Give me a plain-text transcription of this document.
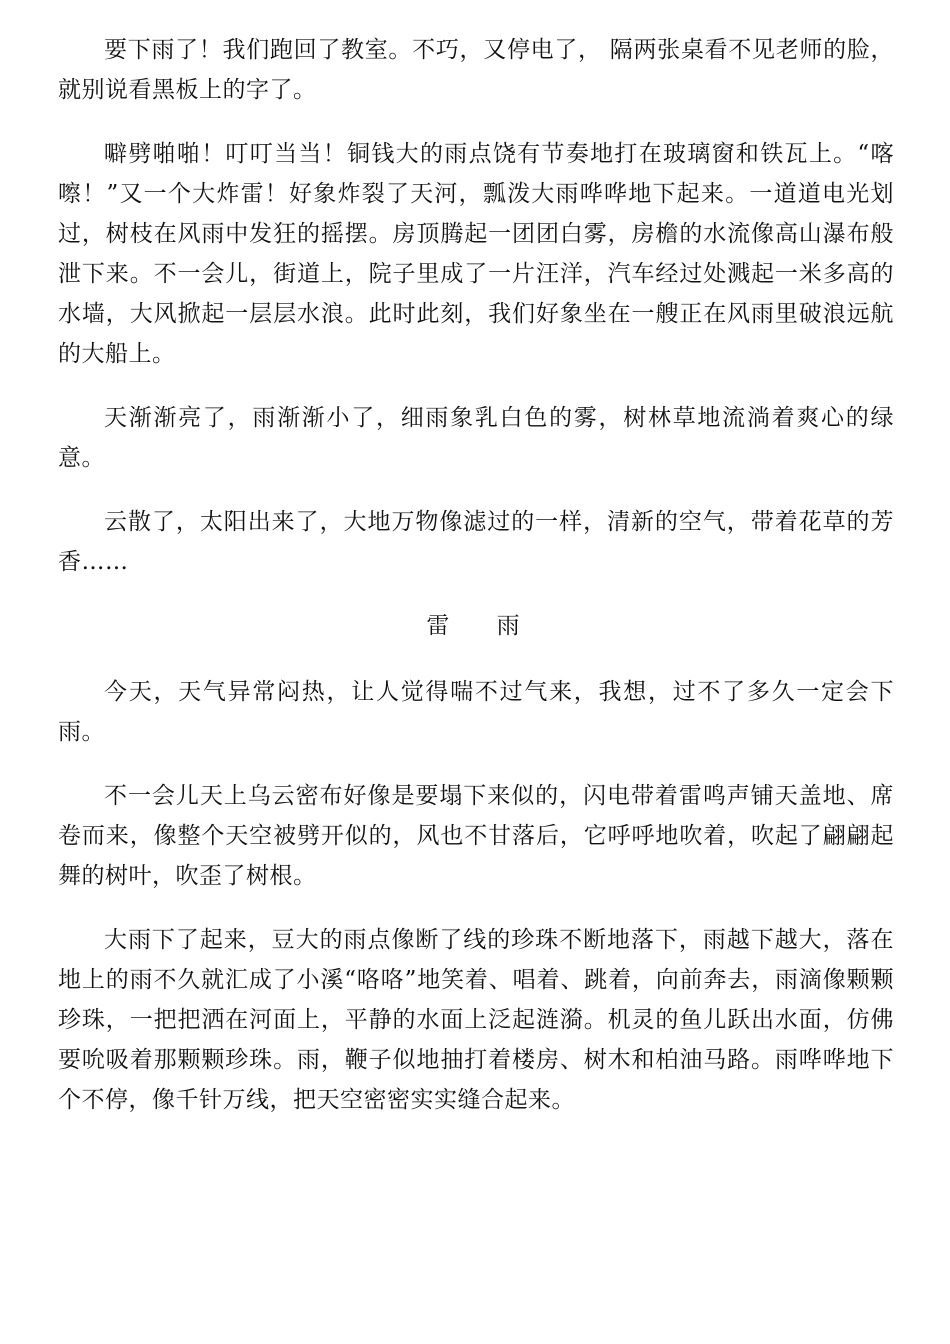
要下雨了！我们跑回了教室。不巧，又停电了， 隔两张桌看不见老师的脸，就别说看黑板上的字了。

噼劈啪啪！叮叮当当！铜钱大的雨点饶有节奏地打在玻璃窗和铁瓦上。“喀嚓！”又一个大炸雷！好象炸裂了天河，瓢泼大雨哗哗地下起来。一道道电光划过，树枝在风雨中发狂的摇摆。房顶腾起一团团白雾，房檐的水流像高山瀑布般泄下来。不一会儿，街道上，院子里成了一片汪洋，汽车经过处溅起一米多高的水墙，大风掀起一层层水浪。此时此刻，我们好象坐在一艘正在风雨里破浪远航的大船上。

天渐渐亮了，雨渐渐小了，细雨象乳白色的雾，树林草地流淌着爽心的绿意。

云散了，太阳出来了，大地万物像滤过的一样，清新的空气，带着花草的芳香……

雷 雨

今天，天气异常闷热，让人觉得喘不过气来，我想，过不了多久一定会下雨。

不一会儿天上乌云密布好像是要塌下来似的，闪电带着雷鸣声铺天盖地、席卷而来，像整个天空被劈开似的，风也不甘落后，它呼呼地吹着，吹起了翩翩起舞的树叶，吹歪了树根。

大雨下了起来，豆大的雨点像断了线的珍珠不断地落下，雨越下越大，落在地上的雨不久就汇成了小溪“咯咯”地笑着、唱着、跳着，向前奔去，雨滴像颗颗珍珠，一把把洒在河面上，平静的水面上泛起涟漪。机灵的鱼儿跃出水面，仿佛要吮吸着那颗颗珍珠。雨，鞭子似地抽打着楼房、树木和柏油马路。雨哗哗地下个不停，像千针万线，把天空密密实实缝合起来。
